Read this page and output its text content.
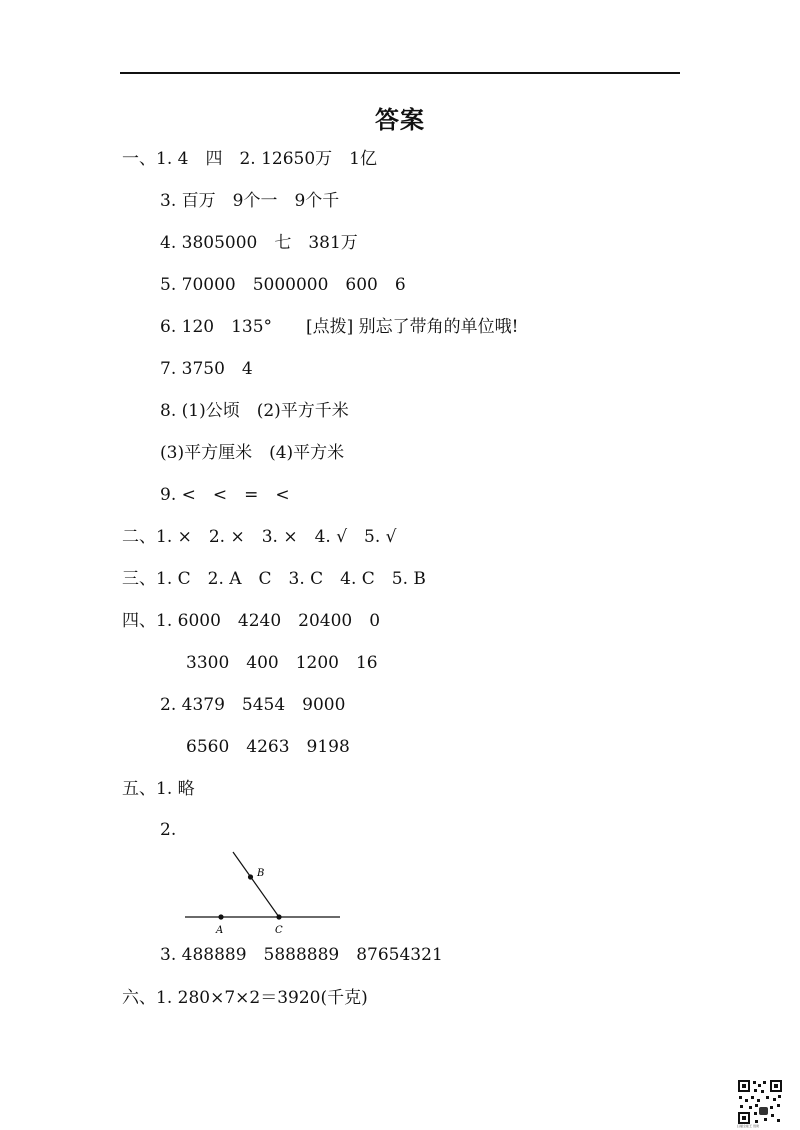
答案
一、1. 4　四　2. 12650万　1亿
3. 百万　9个一　9个千
4. 3805000　七　381万
5. 70000　5000000　600　6
6. 120　135°　　[点拨] 别忘了带角的单位哦!
7. 3750　4
8. (1)公顷　(2)平方千米
(3)平方厘米　(4)平方米
9. <　<　=　<
二、1. ×　2. ×　3. ×　4. √　5. √
三、1. C　2. A　C　3. C　4. C　5. B
四、1. 6000　4240　20400　0
3300　400　1200　16
2. 4379　5454　9000
6560　4263　9198
五、1. 略
2.
A	C
B
3. 488889　5888889　87654321
六、1. 280×7×2＝3920(千克)
扫描全能王 创建
